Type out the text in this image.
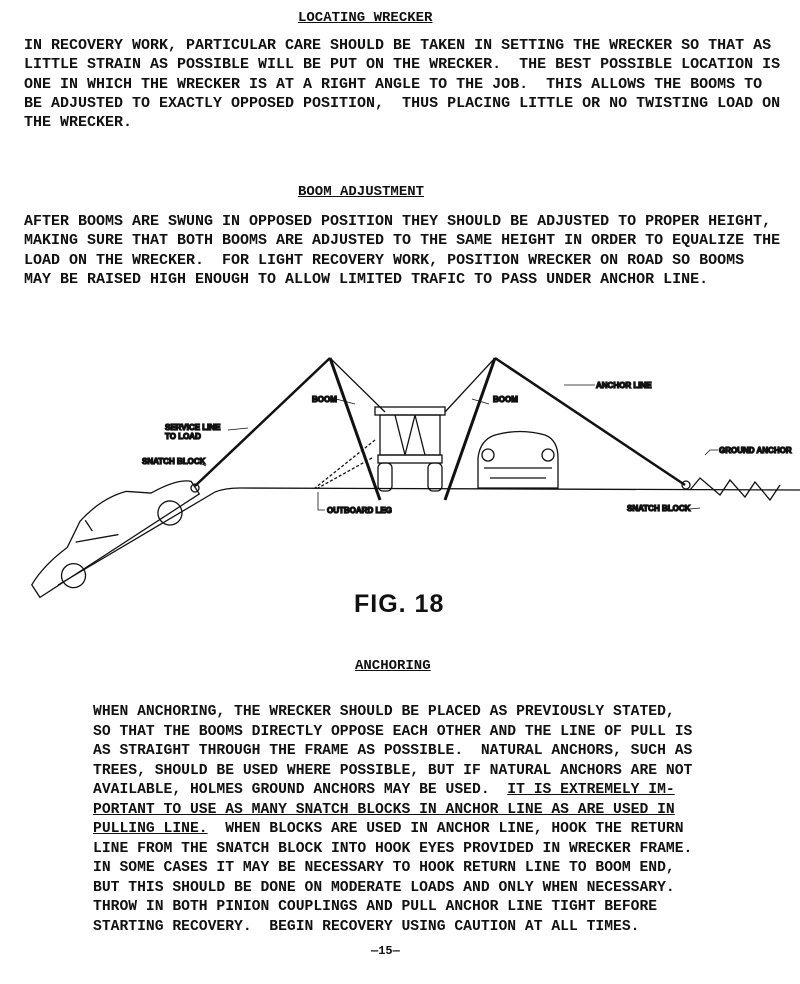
LOCATING WRECKER
IN RECOVERY WORK, PARTICULAR CARE SHOULD BE TAKEN IN SETTING THE WRECKER SO THAT AS
LITTLE STRAIN AS POSSIBLE WILL BE PUT ON THE WRECKER.  THE BEST POSSIBLE LOCATION IS
ONE IN WHICH THE WRECKER IS AT A RIGHT ANGLE TO THE JOB.  THIS ALLOWS THE BOOMS TO
BE ADJUSTED TO EXACTLY OPPOSED POSITION,  THUS PLACING LITTLE OR NO TWISTING LOAD ON
THE WRECKER.
BOOM ADJUSTMENT
AFTER BOOMS ARE SWUNG IN OPPOSED POSITION THEY SHOULD BE ADJUSTED TO PROPER HEIGHT,
MAKING SURE THAT BOTH BOOMS ARE ADJUSTED TO THE SAME HEIGHT IN ORDER TO EQUALIZE THE
LOAD ON THE WRECKER.  FOR LIGHT RECOVERY WORK, POSITION WRECKER ON ROAD SO BOOMS
MAY BE RAISED HIGH ENOUGH TO ALLOW LIMITED TRAFIC TO PASS UNDER ANCHOR LINE.
BOOM	BOOM
ANCHOR LINE
SERVICE LINE
TO LOAD
SNATCH BLOCK
OUTBOARD LEG
GROUND ANCHOR
SNATCH BLOCK
FIG. 18
ANCHORING
WHEN ANCHORING, THE WRECKER SHOULD BE PLACED AS PREVIOUSLY STATED,
SO THAT THE BOOMS DIRECTLY OPPOSE EACH OTHER AND THE LINE OF PULL IS
AS STRAIGHT THROUGH THE FRAME AS POSSIBLE.  NATURAL ANCHORS, SUCH AS
TREES, SHOULD BE USED WHERE POSSIBLE, BUT IF NATURAL ANCHORS ARE NOT
AVAILABLE, HOLMES GROUND ANCHORS MAY BE USED.  IT IS EXTREMELY IM-
PORTANT TO USE AS MANY SNATCH BLOCKS IN ANCHOR LINE AS ARE USED IN
PULLING LINE.  WHEN BLOCKS ARE USED IN ANCHOR LINE, HOOK THE RETURN
LINE FROM THE SNATCH BLOCK INTO HOOK EYES PROVIDED IN WRECKER FRAME.
IN SOME CASES IT MAY BE NECESSARY TO HOOK RETURN LINE TO BOOM END,
BUT THIS SHOULD BE DONE ON MODERATE LOADS AND ONLY WHEN NECESSARY.
THROW IN BOTH PINION COUPLINGS AND PULL ANCHOR LINE TIGHT BEFORE
STARTING RECOVERY.  BEGIN RECOVERY USING CAUTION AT ALL TIMES.
—15—
